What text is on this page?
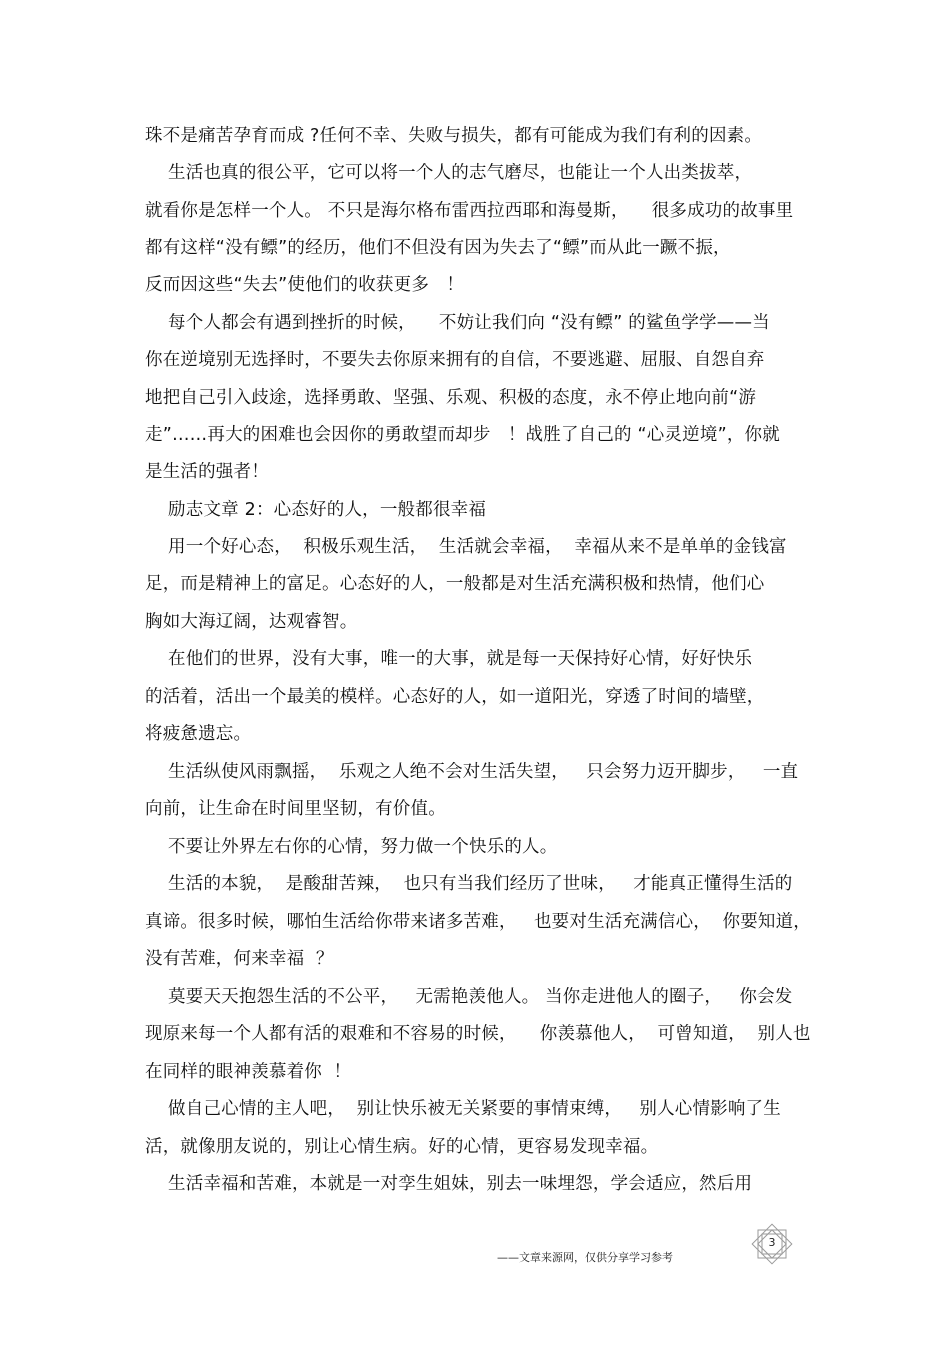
珠不是痛苦孕育而成 ?任何不幸、失败与损失，都有可能成为我们有利的因素。
生活也真的很公平，它可以将一个人的志气磨尽，也能让一个人出类拔萃，
就看你是怎样一个人。 不只是海尔格布雷西拉西耶和海曼斯，    很多成功的故事里
都有这样“没有鳔”的经历，他们不但没有因为失去了“鳔”而从此一蹶不振，
反而因这些“失去”使他们的收获更多   ！
每个人都会有遇到挫折的时候，    不妨让我们向 “没有鳔” 的鲨鱼学学——当
你在逆境别无选择时，不要失去你原来拥有的自信，不要逃避、屈服、自怨自弃
地把自己引入歧途，选择勇敢、坚强、乐观、积极的态度，永不停止地向前“游
走”……再大的困难也会因你的勇敢望而却步   ！战胜了自己的 “心灵逆境”，你就
是生活的强者！
励志文章 2：心态好的人，一般都很幸福
用一个好心态，  积极乐观生活，  生活就会幸福，  幸福从来不是单单的金钱富
足，而是精神上的富足。心态好的人，一般都是对生活充满积极和热情，他们心
胸如大海辽阔，达观睿智。
在他们的世界，没有大事，唯一的大事，就是每一天保持好心情，好好快乐
的活着，活出一个最美的模样。心态好的人，如一道阳光，穿透了时间的墙壁，
将疲惫遗忘。
生活纵使风雨飘摇，  乐观之人绝不会对生活失望，   只会努力迈开脚步，   一直
向前，让生命在时间里坚韧，有价值。
不要让外界左右你的心情，努力做一个快乐的人。
生活的本貌，  是酸甜苦辣，  也只有当我们经历了世味，   才能真正懂得生活的
真谛。很多时候，哪怕生活给你带来诸多苦难，   也要对生活充满信心，  你要知道，
没有苦难，何来幸福  ？
莫要天天抱怨生活的不公平，   无需艳羡他人。 当你走进他人的圈子，   你会发
现原来每一个人都有活的艰难和不容易的时候，    你羡慕他人，  可曾知道，  别人也
在同样的眼神羡慕着你  ！
做自己心情的主人吧，  别让快乐被无关紧要的事情束缚，   别人心情影响了生
活，就像朋友说的，别让心情生病。好的心情，更容易发现幸福。
生活幸福和苦难，本就是一对孪生姐妹，别去一味埋怨，学会适应，然后用
3
——文章来源网，仅供分享学习参考
